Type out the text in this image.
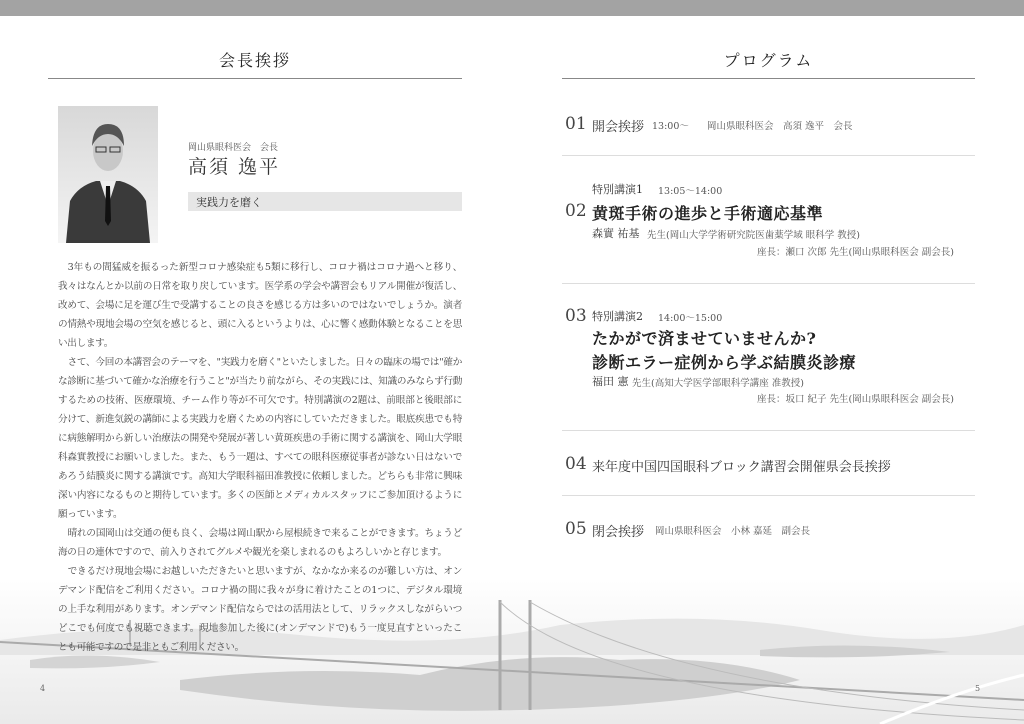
会長挨拶
岡山県眼科医会　会長
高須 逸平
実践力を磨く

3年もの間猛威を振るった新型コロナ感染症も5類に移行し、コロナ禍はコロナ過へと移り、我々はなんとか以前の日常を取り戻しています。医学系の学会や講習会もリアル開催が復活し、改めて、会場に足を運び生で受講することの良さを感じる方は多いのではないでしょうか。演者の情熱や現地会場の空気を感じると、頭に入るというよりは、心に響く感動体験となることを思い出します。

さて、今回の本講習会のテーマを、"実践力を磨く"といたしました。日々の臨床の場では"確かな診断に基づいて確かな治療を行うこと"が当たり前ながら、その実践には、知識のみならず行動するための技術、医療環境、チーム作り等が不可欠です。特別講演の2題は、前眼部と後眼部に分けて、新進気鋭の講師による実践力を磨くための内容にしていただきました。眼底疾患でも特に病態解明から新しい治療法の開発や発展が著しい黄斑疾患の手術に関する講演を、岡山大学眼科森實教授にお願いしました。また、もう一題は、すべての眼科医療従事者が診ない日はないであろう結膜炎に関する講演です。高知大学眼科福田准教授に依頼しました。どちらも非常に興味深い内容になるものと期待しています。多くの医師とメディカルスタッフにご参加頂けるように願っています。

晴れの国岡山は交通の便も良く、会場は岡山駅から屋根続きで来ることができます。ちょうど海の日の連休ですので、前入りされてグルメや観光を楽しまれるのもよろしいかと存じます。

できるだけ現地会場にお越しいただきたいと思いますが、なかなか来るのが難しい方は、オンデマンド配信をご利用ください。コロナ禍の間に我々が身に着けたことの1つに、デジタル環境の上手な利用があります。オンデマンド配信ならではの活用法として、リラックスしながらいつどこでも何度でも視聴できます。現地参加した後に(オンデマンドで)もう一度見直すといったことも可能ですので是非ともご利用ください。

プログラム
01 開会挨拶 13:00〜 岡山県眼科医会　高須 逸平　会長
特別講演1 13:05〜14:00
02 黄斑手術の進歩と手術適応基準
森實 祐基 先生(岡山大学学術研究院医歯薬学域 眼科学 教授)
座長：瀬口 次郎 先生(岡山県眼科医会 副会長)
03 特別講演2 14:00〜15:00
たかがで済ませていませんか?
診断エラー症例から学ぶ結膜炎診療
福田 憲 先生(高知大学医学部眼科学講座 准教授)
座長：坂口 紀子 先生(岡山県眼科医会 副会長)
04 来年度中国四国眼科ブロック講習会開催県会長挨拶
05 閉会挨拶 岡山県眼科医会　小林 嘉延　副会長
4	5
